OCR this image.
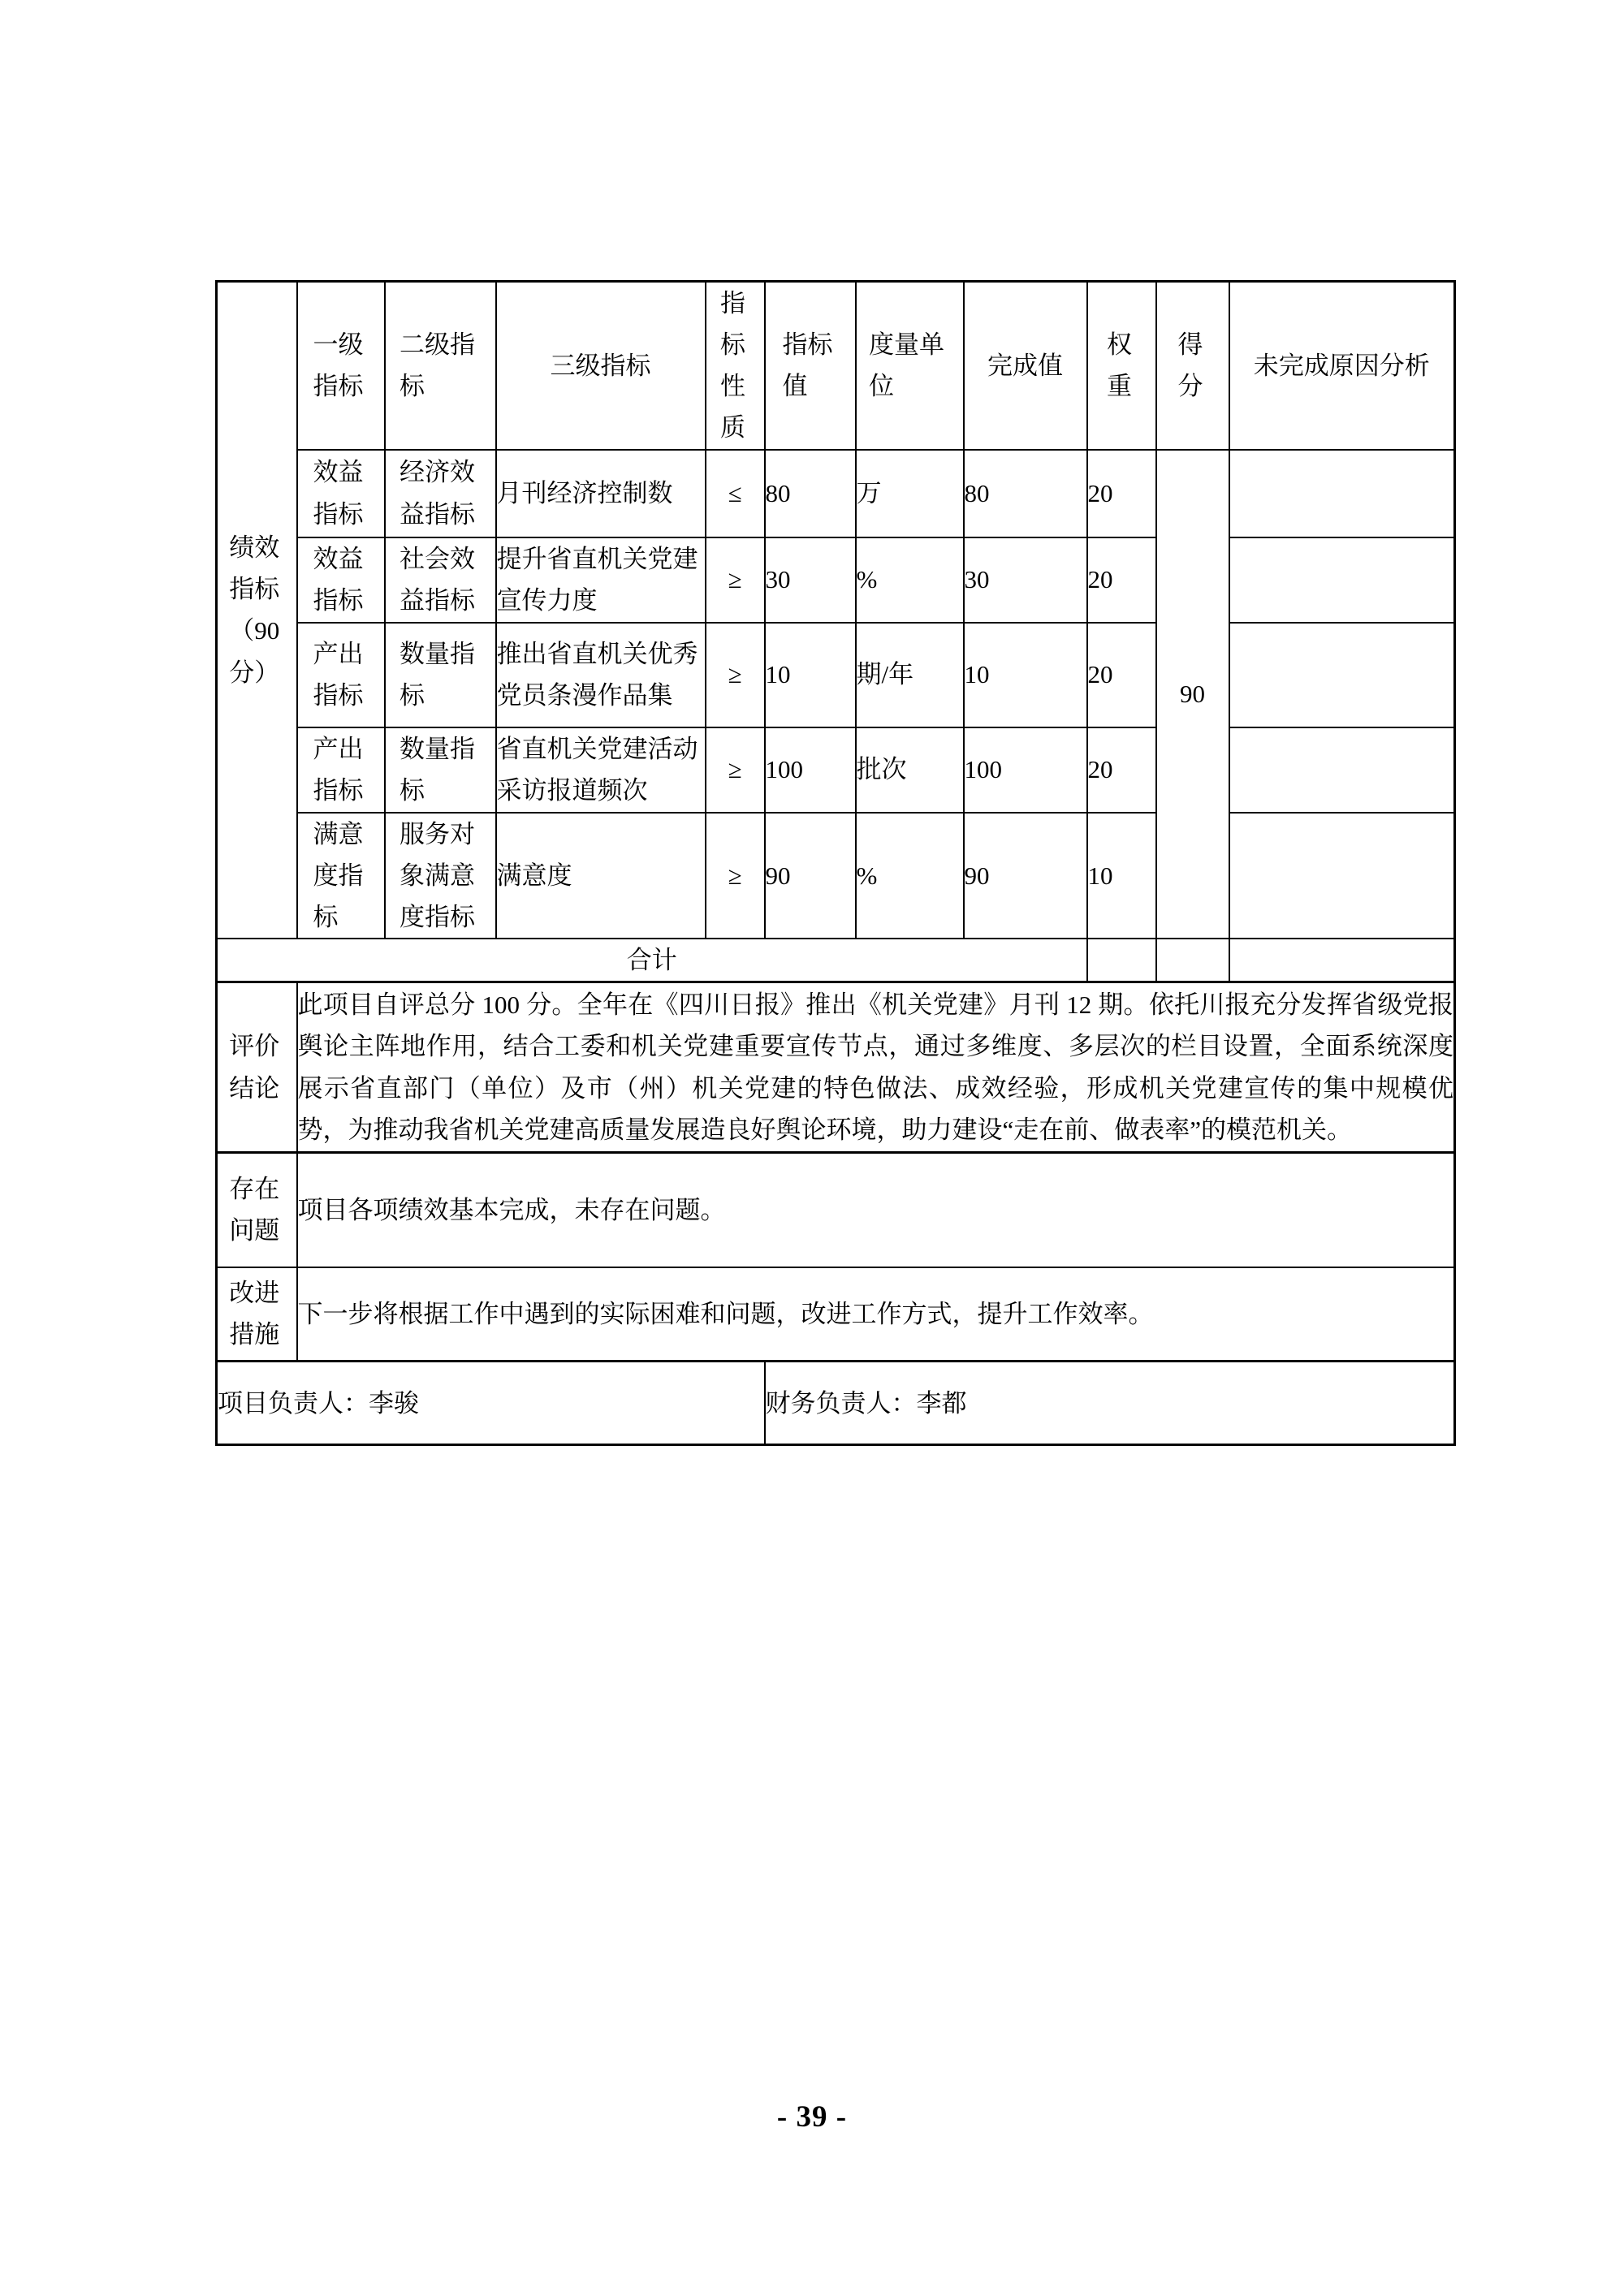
绩效指标（90分）	一级指标	二级指标	三级指标	指标性质	指标值	度量单位	完成值	权重	得分	未完成原因分析
	效益指标	经济效益指标	月刊经济控制数	≤	80	万	80	20	90	
	效益指标	社会效益指标	提升省直机关党建宣传力度	≥	30	%	30	20		
	产出指标	数量指标	推出省直机关优秀党员条漫作品集	≥	10	期/年	10	20		
	产出指标	数量指标	省直机关党建活动采访报道频次	≥	100	批次	100	20		
	满意度指标	服务对象满意度指标	满意度	≥	90	%	90	10		
合计										
评价结论	此项目自评总分 100 分。全年在《四川日报》推出《机关党建》月刊 12 期。依托川报充分发挥省级党报舆论主阵地作用，结合工委和机关党建重要宣传节点，通过多维度、多层次的栏目设置，全面系统深度展示省直部门（单位）及市（州）机关党建的特色做法、成效经验，形成机关党建宣传的集中规模优势，为推动我省机关党建高质量发展造良好舆论环境，助力建设“走在前、做表率”的模范机关。									
存在问题	项目各项绩效基本完成，未存在问题。									
改进措施	下一步将根据工作中遇到的实际困难和问题，改进工作方式，提升工作效率。									
项目负责人：李骏					财务负责人：李都					
- 39 -
